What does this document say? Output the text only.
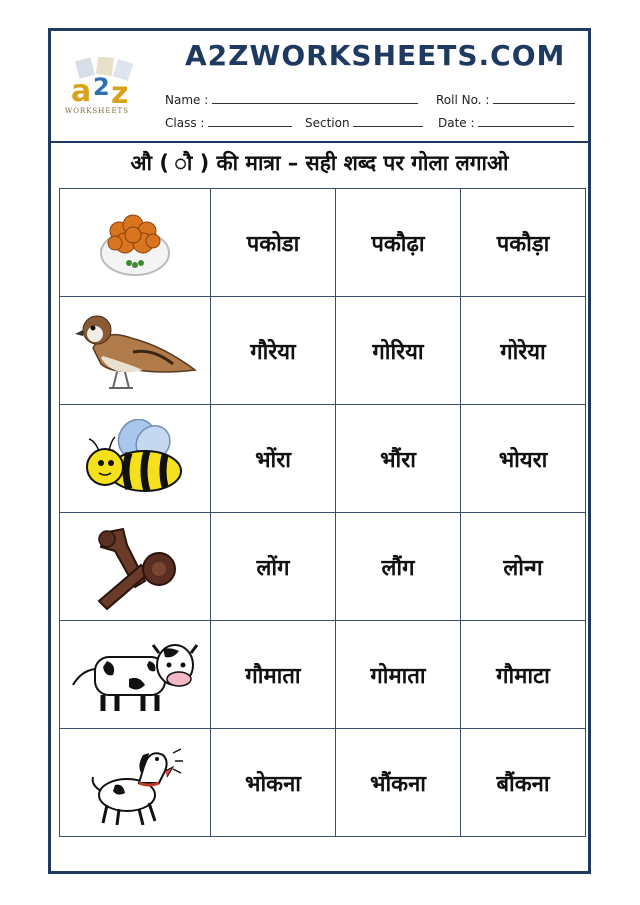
a 2 z
WORKSHEETS
A2ZWORKSHEETS.COM
Name :	Roll No. :
Class :	Section	Date :
औ ( ौ ) की मात्रा – सही शब्द पर गोला लगाओ
	पकोडा	पकौढ़ा	पकौड़ा

	गौरेया	गोरिया	गोरेया

	भोंरा	भौंरा	भोयरा

	लोंग	लौंग	लोन्ग

	गौमाता	गोमाता	गौमाटा

	भोकना	भौंकना	बौंकना
